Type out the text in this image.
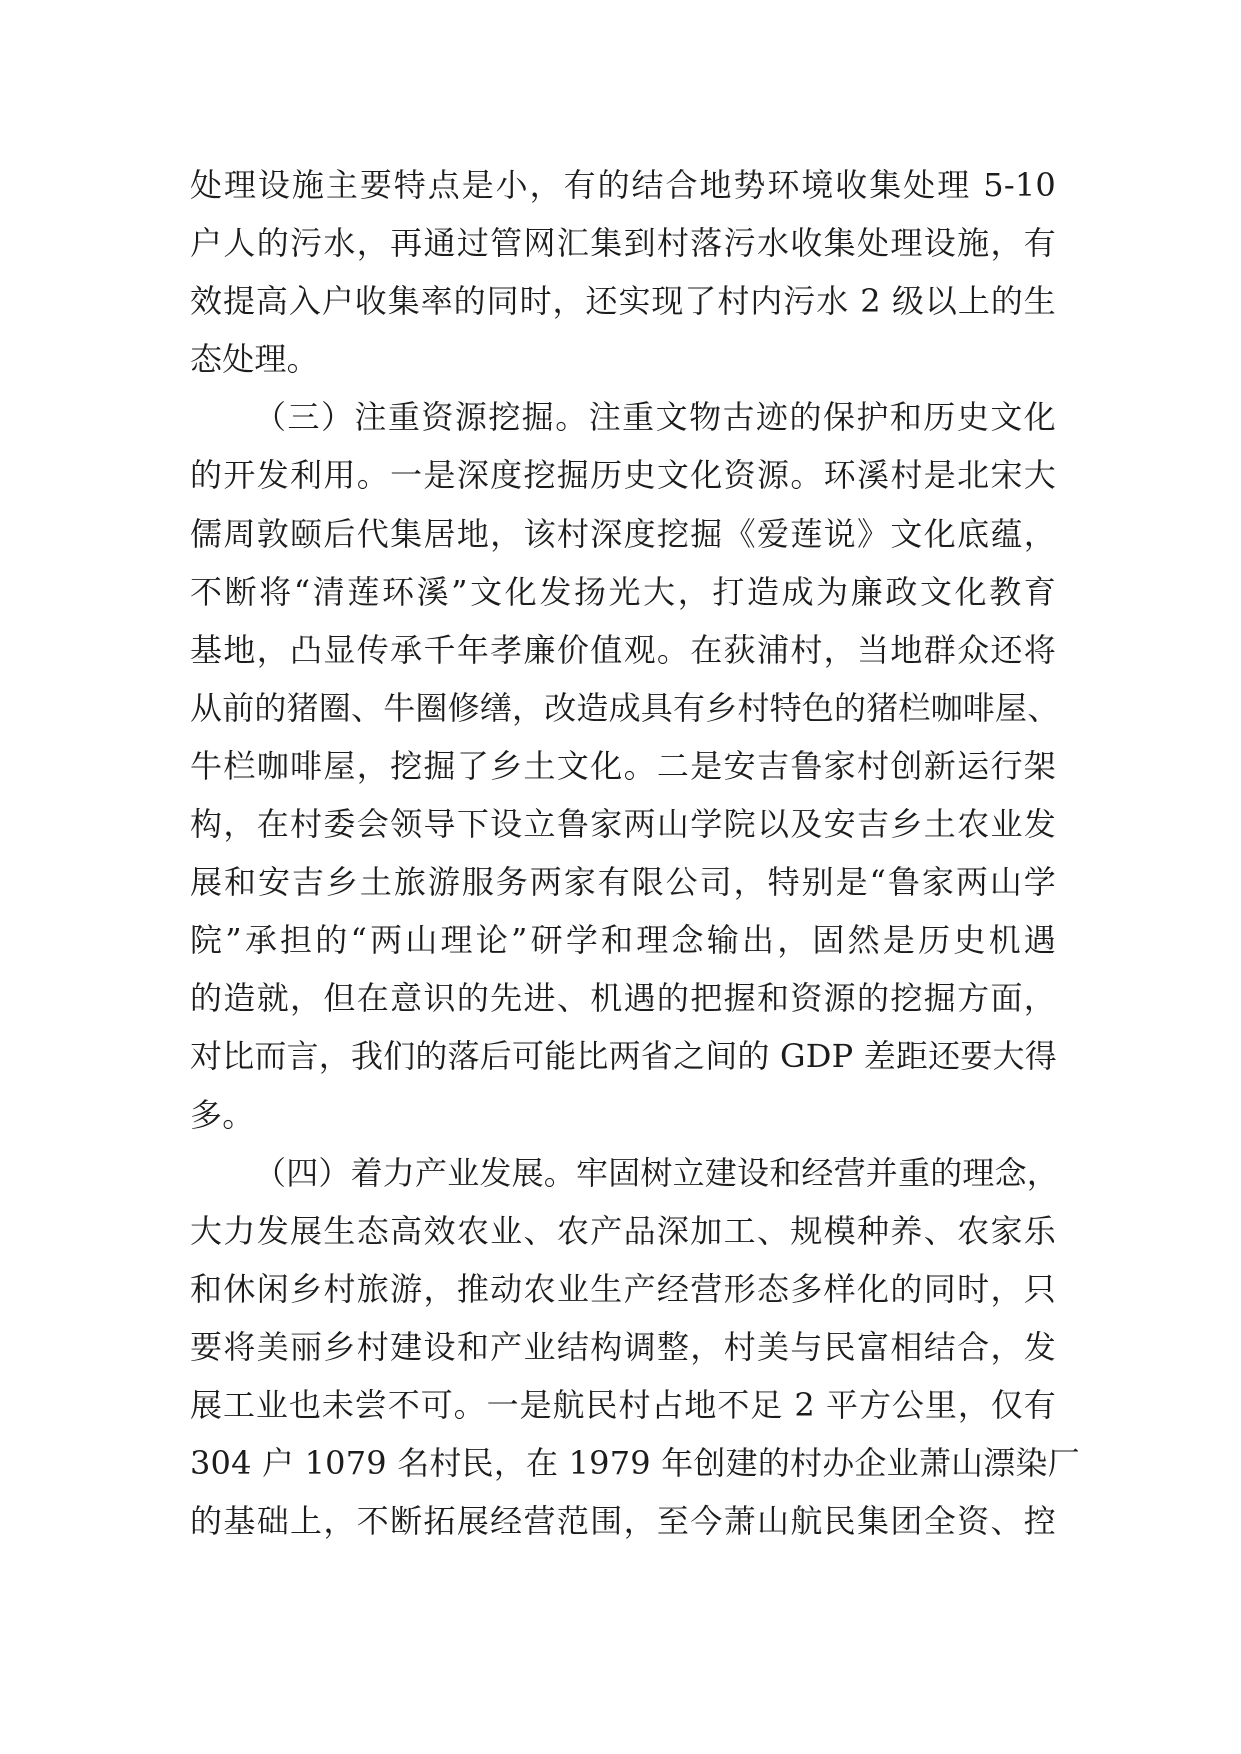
处理设施主要特点是小，有的结合地势环境收集处理 5-10
户人的污水，再通过管网汇集到村落污水收集处理设施，有
效提高入户收集率的同时，还实现了村内污水 2 级以上的生
态处理。
（三）注重资源挖掘。注重文物古迹的保护和历史文化
的开发利用。一是深度挖掘历史文化资源。环溪村是北宋大
儒周敦颐后代集居地，该村深度挖掘《爱莲说》文化底蕴，
不断将“清莲环溪”文化发扬光大，打造成为廉政文化教育
基地，凸显传承千年孝廉价值观。在荻浦村，当地群众还将
从前的猪圈、牛圈修缮，改造成具有乡村特色的猪栏咖啡屋、
牛栏咖啡屋，挖掘了乡土文化。二是安吉鲁家村创新运行架
构，在村委会领导下设立鲁家两山学院以及安吉乡土农业发
展和安吉乡土旅游服务两家有限公司，特别是“鲁家两山学
院”承担的“两山理论”研学和理念输出，固然是历史机遇
的造就，但在意识的先进、机遇的把握和资源的挖掘方面，
对比而言，我们的落后可能比两省之间的 GDP 差距还要大得
多。
（四）着力产业发展。牢固树立建设和经营并重的理念，
大力发展生态高效农业、农产品深加工、规模种养、农家乐
和休闲乡村旅游，推动农业生产经营形态多样化的同时，只
要将美丽乡村建设和产业结构调整，村美与民富相结合，发
展工业也未尝不可。一是航民村占地不足 2 平方公里，仅有
304 户 1079 名村民，在 1979 年创建的村办企业萧山漂染厂
的基础上，不断拓展经营范围，至今萧山航民集团全资、控
